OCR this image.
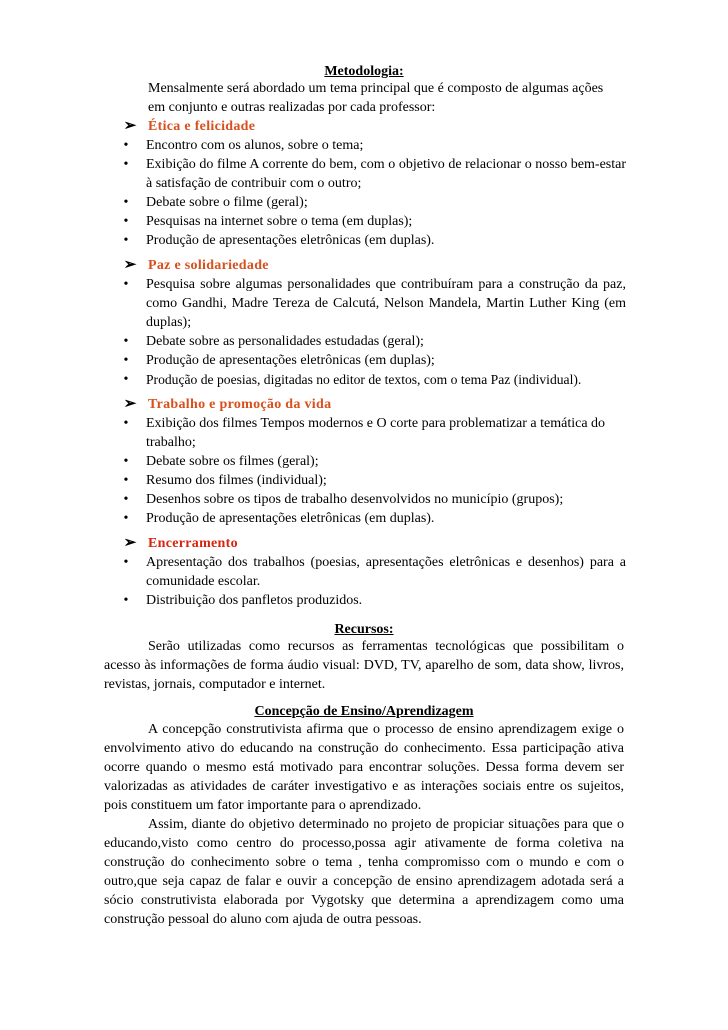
Metodologia:

Mensalmente será abordado um tema principal que é composto de algumas ações em conjunto e outras realizadas por cada professor:

➢ Ética e felicidade
•	Encontro com os alunos, sobre o tema;
•	Exibição do filme A corrente do bem, com o objetivo de relacionar o nosso bem-estar à satisfação de contribuir com o outro;
•	Debate sobre o filme (geral);
•	Pesquisas na internet sobre o tema (em duplas);
•	Produção de apresentações eletrônicas (em duplas).
➢ Paz e solidariedade
•	Pesquisa sobre algumas personalidades que contribuíram para a construção da paz, como Gandhi, Madre Tereza de Calcutá, Nelson Mandela, Martin Luther King (em duplas);
•	Debate sobre as personalidades estudadas (geral);
•	Produção de apresentações eletrônicas (em duplas);
•	Produção de poesias, digitadas no editor de textos, com o tema Paz (individual).
➢ Trabalho e promoção da vida
•	Exibição dos filmes Tempos modernos e O corte para problematizar a temática do trabalho;
•	Debate sobre os filmes (geral);
•	Resumo dos filmes (individual);
•	Desenhos sobre os tipos de trabalho desenvolvidos no município (grupos);
•	Produção de apresentações eletrônicas (em duplas).
➢ Encerramento
•	Apresentação dos trabalhos (poesias, apresentações eletrônicas e desenhos) para a comunidade escolar.
•	Distribuição dos panfletos produzidos.

Recursos:

Serão utilizadas como recursos as ferramentas tecnológicas que possibilitam o acesso às informações de forma áudio visual: DVD, TV, aparelho de som, data show, livros, revistas, jornais, computador e internet.

Concepção de Ensino/Aprendizagem

A concepção construtivista afirma que o processo de ensino aprendizagem exige o envolvimento ativo do educando na construção do conhecimento. Essa participação ativa ocorre quando o mesmo está motivado para encontrar soluções. Dessa forma devem ser valorizadas as atividades de caráter investigativo e as interações sociais entre os sujeitos, pois constituem um fator importante para o aprendizado.

Assim, diante do objetivo determinado no projeto de propiciar situações para que o educando,visto como centro do processo,possa agir ativamente de forma coletiva na construção do conhecimento sobre o tema , tenha compromisso com o mundo e com o outro,que seja capaz de falar e ouvir a concepção de ensino aprendizagem adotada será a sócio construtivista elaborada por Vygotsky que determina a aprendizagem como uma construção pessoal do aluno com ajuda de outra pessoas.
